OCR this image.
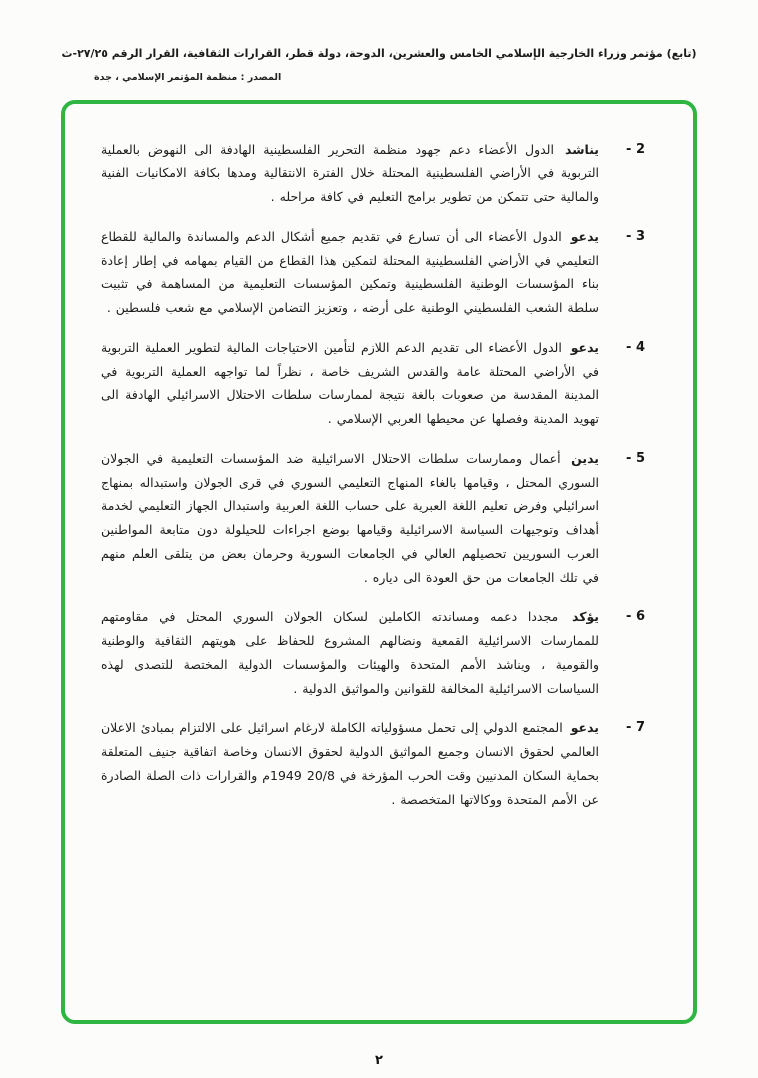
(تابع) مؤتمر وزراء الخارجية الإسلامي الخامس والعشرين، الدوحة، دولة قطر، القرارات الثقافية، القرار الرقم ٢٧/٢٥-ث
المصدر : منظمة المؤتمر الإسلامي ، جدة
2 -
يناشد الدول الأعضاء دعم جهود منظمة التحرير الفلسطينية الهادفة الى النهوض بالعملية التربوية في الأراضي الفلسطينية المحتلة خلال الفترة الانتقالية ومدها بكافة الامكانيات الفنية والمالية حتى تتمكن من تطوير برامج التعليم في كافة مراحله .
3 -
يدعو الدول الأعضاء الى أن تسارع في تقديم جميع أشكال الدعم والمساندة والمالية للقطاع التعليمي في الأراضي الفلسطينية المحتلة لتمكين هذا القطاع من القيام بمهامه في إطار إعادة بناء المؤسسات الوطنية الفلسطينية وتمكين المؤسسات التعليمية من المساهمة في تثبيت سلطة الشعب الفلسطيني الوطنية على أرضه ، وتعزيز التضامن الإسلامي مع شعب فلسطين .
4 -
يدعو الدول الأعضاء الى تقديم الدعم اللازم لتأمين الاحتياجات المالية لتطوير العملية التربوية في الأراضي المحتلة عامة والقدس الشريف خاصة ، نظراً لما تواجهه العملية التربوية في المدينة المقدسة من صعوبات بالغة نتيجة لممارسات سلطات الاحتلال الاسرائيلي الهادفة الى تهويد المدينة وفصلها عن محيطها العربي الإسلامي .
5 -
يدين أعمال وممارسات سلطات الاحتلال الاسرائيلية ضد المؤسسات التعليمية في الجولان السوري المحتل ، وقيامها بالغاء المنهاج التعليمي السوري في قرى الجولان واستبداله بمنهاج اسرائيلي وفرض تعليم اللغة العبرية على حساب اللغة العربية واستبدال الجهاز التعليمي لخدمة أهداف وتوجيهات السياسة الاسرائيلية وقيامها بوضع اجراءات للحيلولة دون متابعة المواطنين العرب السوريين تحصيلهم العالي في الجامعات السورية وحرمان بعض من يتلقى العلم منهم في تلك الجامعات من حق العودة الى دياره .
6 -
يؤكد مجددا دعمه ومساندته الكاملين لسكان الجولان السوري المحتل في مقاومتهم للممارسات الاسرائيلية القمعية ونضالهم المشروع للحفاظ على هويتهم الثقافية والوطنية والقومية ، ويناشد الأمم المتحدة والهيئات والمؤسسات الدولية المختصة للتصدى لهذه السياسات الاسرائيلية المخالفة للقوانين والمواثيق الدولية .
7 -
يدعو المجتمع الدولي إلى تحمل مسؤولياته الكاملة لارغام اسرائيل على الالتزام بمبادئ الاعلان العالمي لحقوق الانسان وجميع المواثيق الدولية لحقوق الانسان وخاصة اتفاقية جنيف المتعلقة بحماية السكان المدنيين وقت الحرب المؤرخة في 20/8 1949م والقرارات ذات الصلة الصادرة عن الأمم المتحدة ووكالاتها المتخصصة .
٢
